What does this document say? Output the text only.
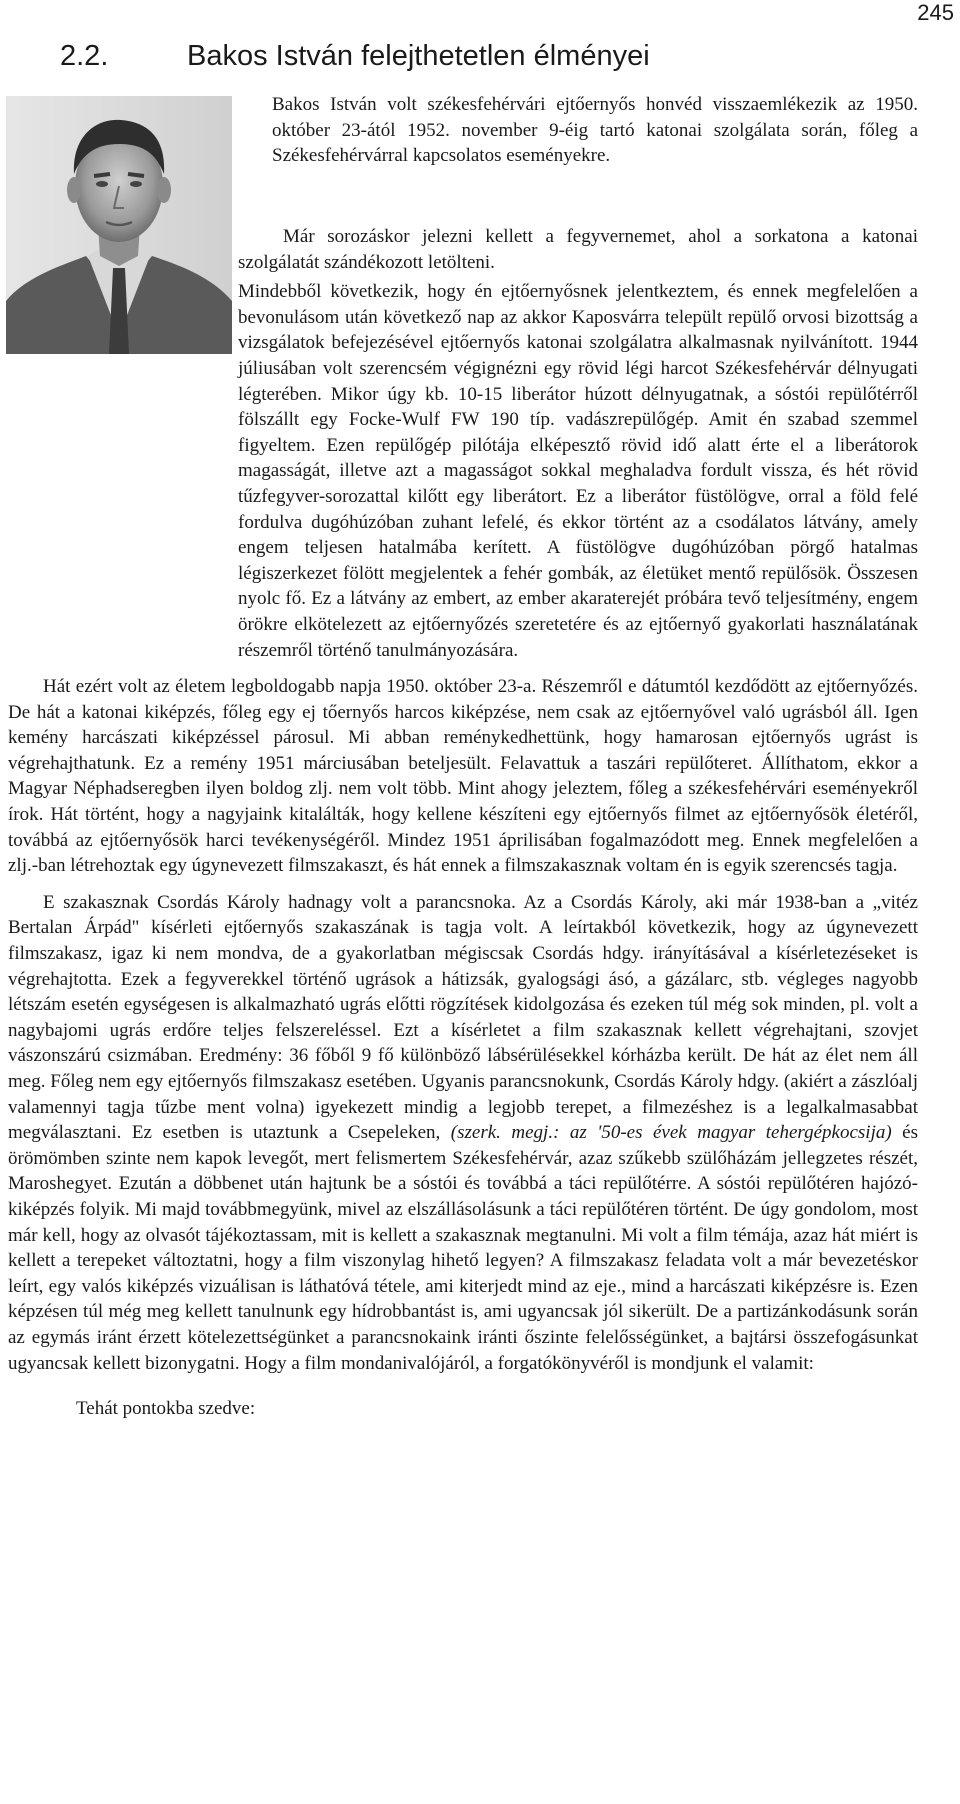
245
2.2.	Bakos István felejthetetlen élményei

Bakos István volt székesfehérvári ejtőernyős honvéd visszaemlékezik az 1950. október 23-ától 1952. november 9-éig tartó katonai szolgálata során, főleg a Székesfehérvárral kapcsolatos eseményekre.

Már sorozáskor jelezni kellett a fegyvernemet, ahol a sorkatona a katonai szolgálatát szándékozott letölteni.

Mindebből következik, hogy én ejtőernyősnek jelentkeztem, és ennek megfelelően a bevonulásom után következő nap az akkor Kaposvárra települt repülő orvosi bizottság a vizsgálatok befejezésével ejtőernyős katonai szolgálatra alkalmasnak nyilvánított. 1944 júliusában volt szerencsém végignézni egy rövid légi harcot Székesfehérvár délnyugati légterében. Mikor úgy kb. 10-15 liberátor húzott délnyugatnak, a sóstói repülőtérről fölszállt egy Focke-Wulf FW 190 típ. vadászrepülőgép. Amit én szabad szemmel figyeltem. Ezen repülőgép pilótája elképesztő rövid idő alatt érte el a liberátorok magasságát, illetve azt a magasságot sokkal meghaladva fordult vissza, és hét rövid tűzfegyver-sorozattal kilőtt egy liberátort. Ez a liberátor füstölögve, orral a föld felé fordulva dugóhúzóban zuhant lefelé, és ekkor történt az a csodálatos látvány, amely engem teljesen hatalmába kerített. A füstölögve dugóhúzóban pörgő hatalmas légiszerkezet fölött megjelentek a fehér gombák, az életüket mentő repülősök. Összesen nyolc fő. Ez a látvány az embert, az ember akaraterejét próbára tevő teljesítmény, engem örökre elkötelezett az ejtőernyőzés szeretetére és az ejtőernyő gyakorlati használatának részemről történő tanulmányozására.

Hát ezért volt az életem legboldogabb napja 1950. október 23-a. Részemről e dátumtól kezdődött az ejtőernyőzés. De hát a katonai kiképzés, főleg egy ej tőernyős harcos kiképzése, nem csak az ejtőernyővel való ugrásból áll. Igen kemény harcászati kiképzéssel párosul. Mi abban reménykedhettünk, hogy hamarosan ejtőernyős ugrást is végrehajthatunk. Ez a remény 1951 márciusában beteljesült. Felavattuk a taszári repülőteret. Állíthatom, ekkor a Magyar Néphadseregben ilyen boldog zlj. nem volt több. Mint ahogy jeleztem, főleg a székesfehérvári eseményekről írok. Hát történt, hogy a nagyjaink kitalálták, hogy kellene készíteni egy ejtőernyős filmet az ejtőernyősök életéről, továbbá az ejtőernyősök harci tevékenységéről. Mindez 1951 áprilisában fogalmazódott meg. Ennek megfelelően a zlj.-ban létrehoztak egy úgynevezett filmszakaszt, és hát ennek a filmszakasznak voltam én is egyik szerencsés tagja.

E szakasznak Csordás Károly hadnagy volt a parancsnoka. Az a Csordás Károly, aki már 1938-ban a „vitéz Bertalan Árpád" kísérleti ejtőernyős szakaszának is tagja volt. A leírtakból következik, hogy az úgynevezett filmszakasz, igaz ki nem mondva, de a gyakorlatban mégiscsak Csordás hdgy. irányításával a kísérletezéseket is végrehajtotta. Ezek a fegyverekkel történő ugrások a hátizsák, gyalogsági ásó, a gázálarc, stb. végleges nagyobb létszám esetén egységesen is alkalmazható ugrás előtti rögzítések kidolgozása és ezeken túl még sok minden, pl. volt a nagybajomi ugrás erdőre teljes felszereléssel. Ezt a kísérletet a film szakasznak kellett végrehajtani, szovjet vászonszárú csizmában. Eredmény: 36 főből 9 fő különböző lábsérülésekkel kórházba került. De hát az élet nem áll meg. Főleg nem egy ejtőernyős filmszakasz esetében. Ugyanis parancsnokunk, Csordás Károly hdgy. (akiért a zászlóalj valamennyi tagja tűzbe ment volna) igyekezett mindig a legjobb terepet, a filmezéshez is a legalkalmasabbat megválasztani. Ez esetben is utaztunk a Csepeleken, (szerk. megj.: az '50-es évek magyar tehergépkocsija) és örömömben szinte nem kapok levegőt, mert felismertem Székesfehérvár, azaz szűkebb szülőházám jellegzetes részét, Maroshegyet. Ezután a döbbenet után hajtunk be a sóstói és továbbá a táci repülőtérre. A sóstói repülőtéren hajózó-kiképzés folyik. Mi majd továbbmegyünk, mivel az elszállásolásunk a táci repülőtéren történt. De úgy gondolom, most már kell, hogy az olvasót tájékoztassam, mit is kellett a szakasznak megtanulni. Mi volt a film témája, azaz hát miért is kellett a terepeket változtatni, hogy a film viszonylag hihető legyen? A filmszakasz feladata volt a már bevezetéskor leírt, egy valós kiképzés vizuálisan is láthatóvá tétele, ami kiterjedt mind az eje., mind a harcászati kiképzésre is. Ezen képzésen túl még meg kellett tanulnunk egy hídrobbantást is, ami ugyancsak jól sikerült. De a partizánkodásunk során az egymás iránt érzett kötelezettségünket a parancsnokaink iránti őszinte felelősségünket, a bajtársi összefogásunkat ugyancsak kellett bizonygatni. Hogy a film mondanivalójáról, a forgatókönyvéről is mondjunk el valamit:

Tehát pontokba szedve:
